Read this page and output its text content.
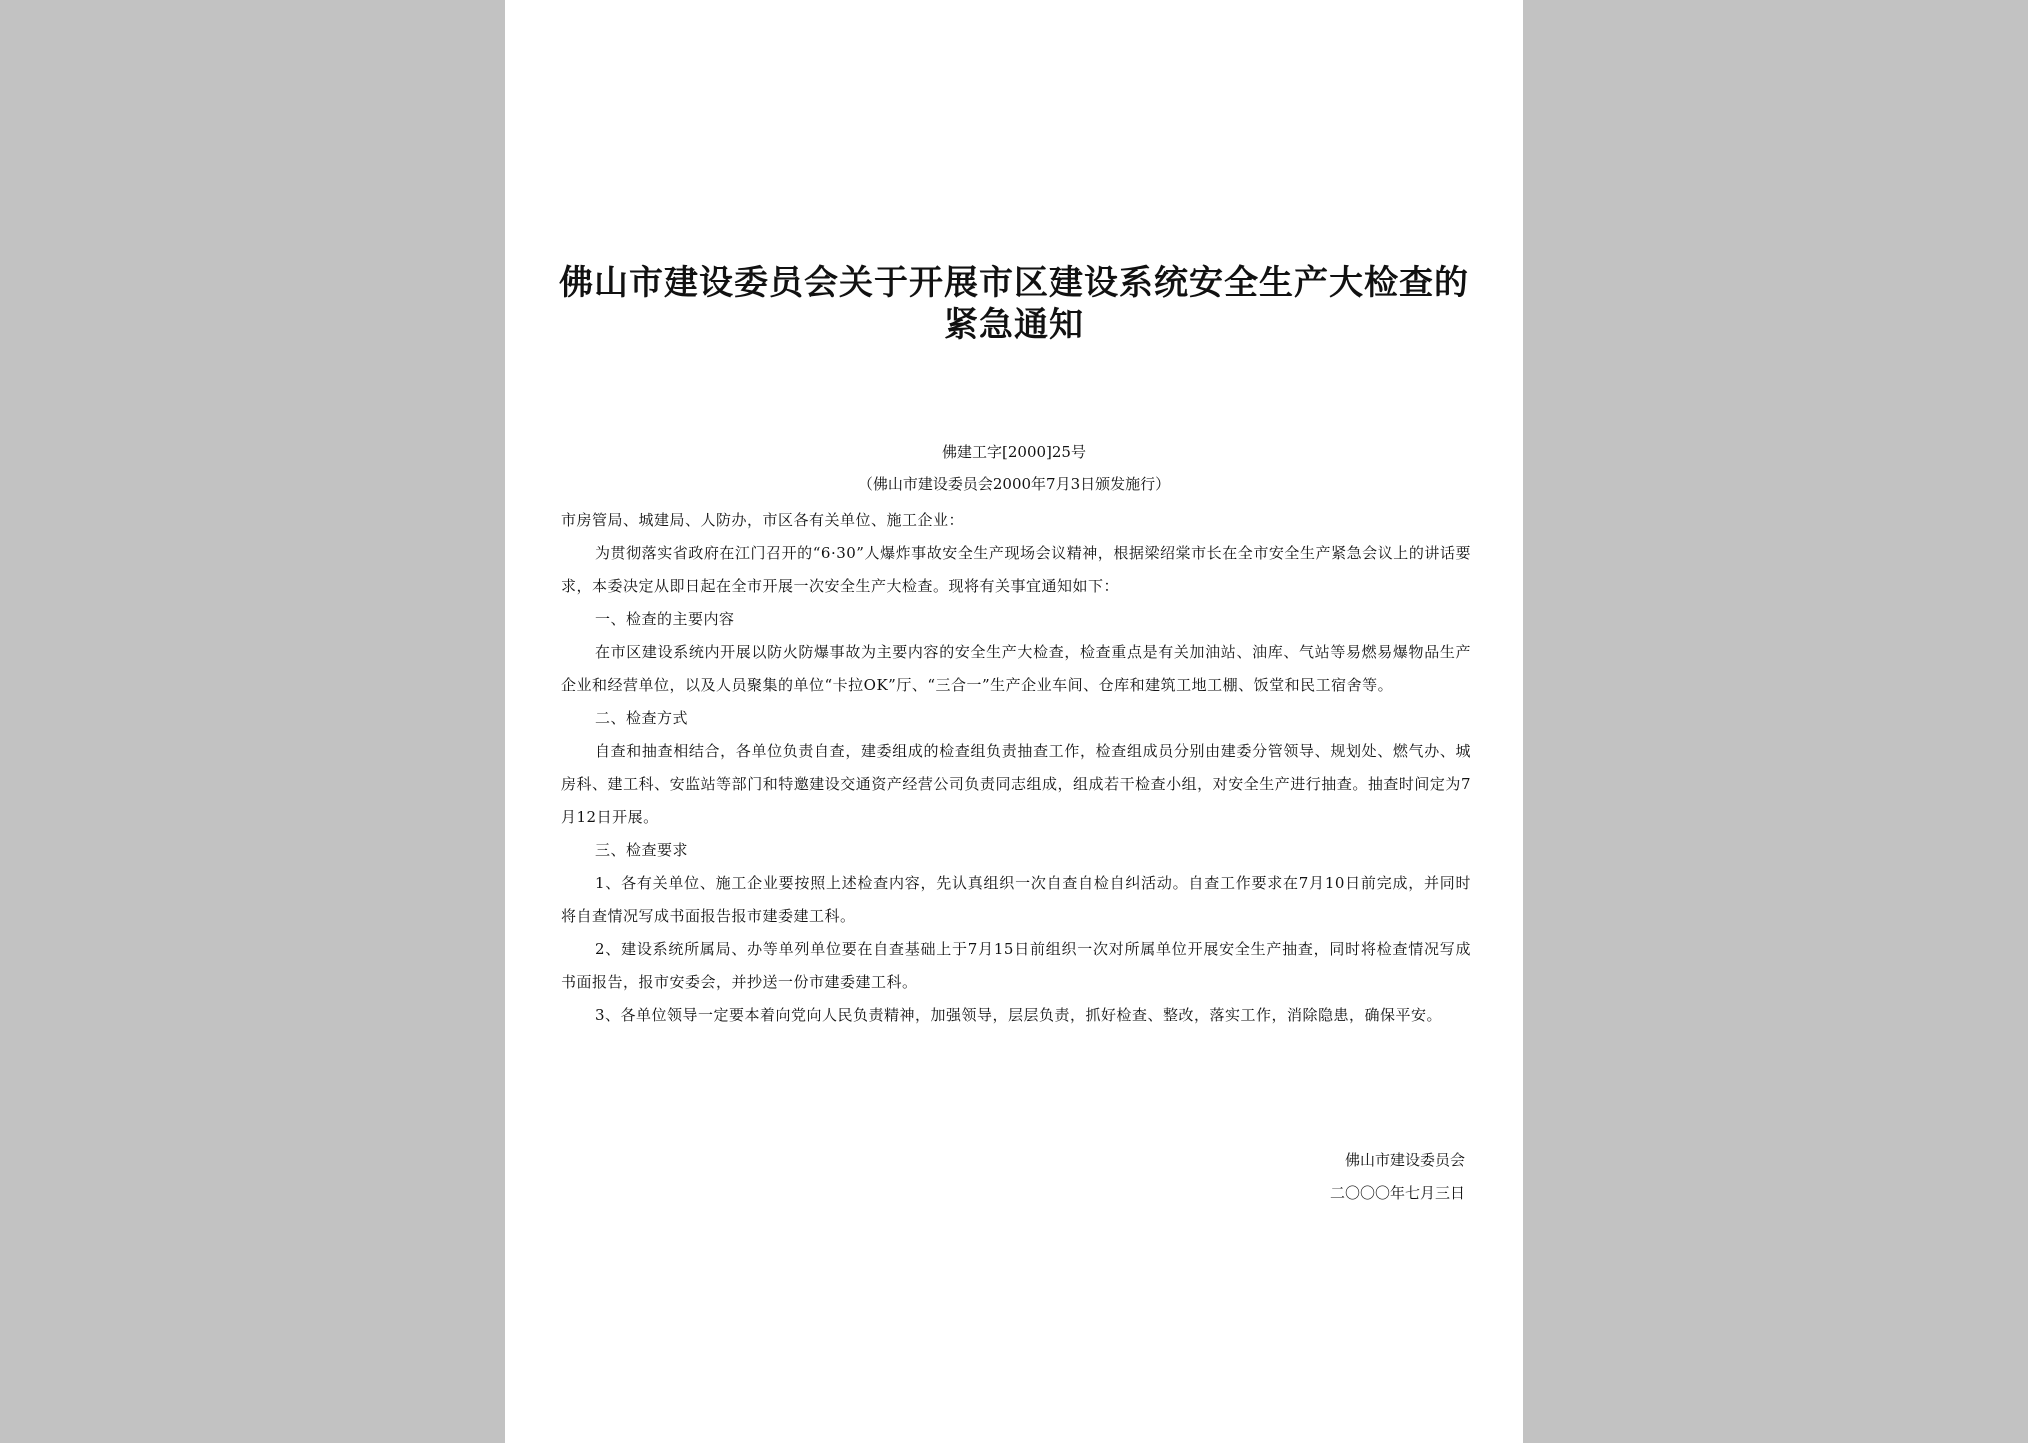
佛山市建设委员会关于开展市区建设系统安全生产大检查的紧急通知
佛建工字[2000]25号
（佛山市建设委员会2000年7月3日颁发施行）

市房管局、城建局、人防办，市区各有关单位、施工企业：

为贯彻落实省政府在江门召开的“6·30”人爆炸事故安全生产现场会议精神，根据梁绍棠市长在全市安全生产紧急会议上的讲话要求，本委决定从即日起在全市开展一次安全生产大检查。现将有关事宜通知如下：

一、检查的主要内容

在市区建设系统内开展以防火防爆事故为主要内容的安全生产大检查，检查重点是有关加油站、油库、气站等易燃易爆物品生产企业和经营单位，以及人员聚集的单位“卡拉OK”厅、“三合一”生产企业车间、仓库和建筑工地工棚、饭堂和民工宿舍等。

二、检查方式

自查和抽查相结合，各单位负责自查，建委组成的检查组负责抽查工作，检查组成员分别由建委分管领导、规划处、燃气办、城房科、建工科、安监站等部门和特邀建设交通资产经营公司负责同志组成，组成若干检查小组，对安全生产进行抽查。抽查时间定为7月12日开展。

三、检查要求

1、各有关单位、施工企业要按照上述检查内容，先认真组织一次自查自检自纠活动。自查工作要求在7月10日前完成，并同时将自查情况写成书面报告报市建委建工科。

2、建设系统所属局、办等单列单位要在自查基础上于7月15日前组织一次对所属单位开展安全生产抽查，同时将检查情况写成书面报告，报市安委会，并抄送一份市建委建工科。

3、各单位领导一定要本着向党向人民负责精神，加强领导，层层负责，抓好检查、整改，落实工作，消除隐患，确保平安。

佛山市建设委员会
二〇〇〇年七月三日
